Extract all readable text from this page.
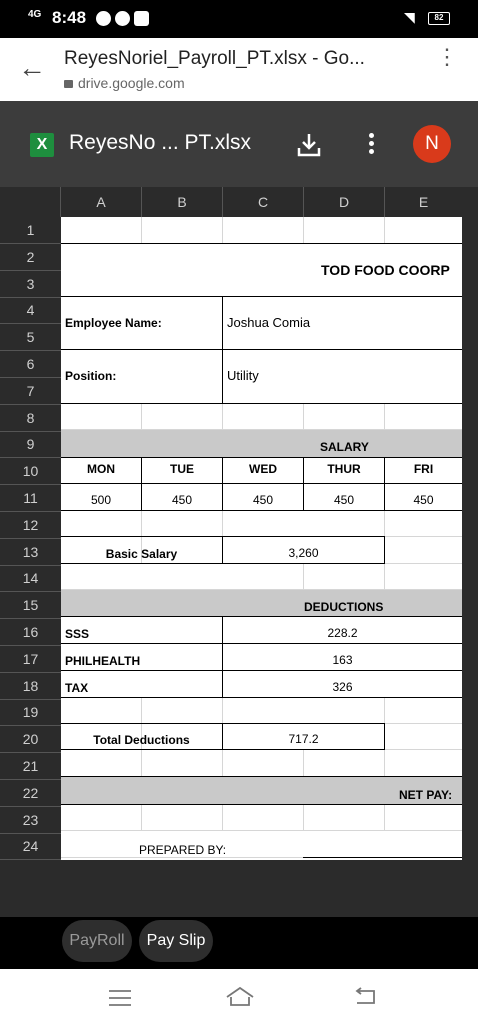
4G 8:48	◥	82
← ReyesNoriel_Payroll_PT.xlsx - Go...
drive.google.com
⋮
X	ReyesNo ... PT.xlsx	N
A	B	C	D	E
1
2
3
4
5
6
7
8
9
10
11
12
13
14
15
16
17
18
19
20
21
22
23
24
TOD FOOD COORP
Employee Name:	Joshua Comia
Position:	Utility
SALARY
MON	TUE	WED	THUR	FRI
500	450	450	450	450
Basic Salary	3,260
DEDUCTIONS
SSS	228.2
PHILHEALTH	163
TAX	326
Total Deductions	717.2
NET PAY:
PREPARED BY:
PayRoll	Pay Slip
